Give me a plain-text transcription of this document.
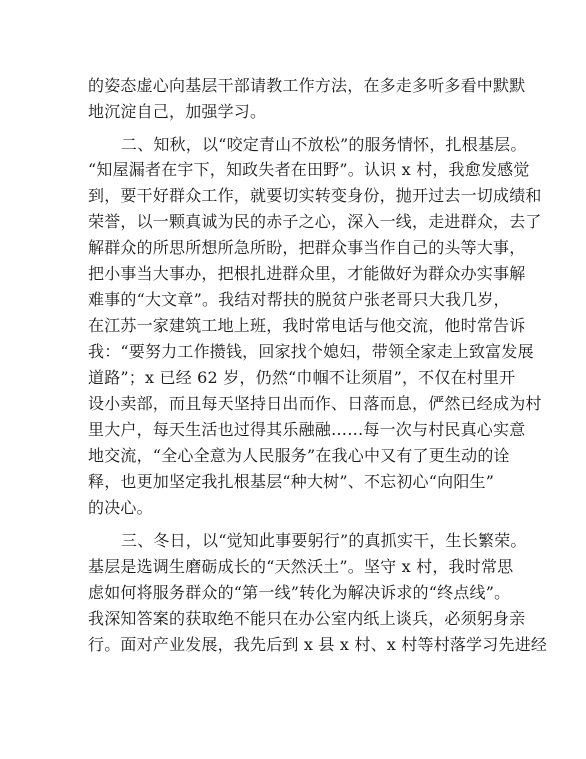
的姿态虚心向基层干部请教工作方法，在多走多听多看中默默
地沉淀自己，加强学习。
二、知秋，以“咬定青山不放松”的服务情怀，扎根基层。
“知屋漏者在宇下，知政失者在田野”。认识 x 村，我愈发感觉
到，要干好群众工作，就要切实转变身份，抛开过去一切成绩和
荣誉，以一颗真诚为民的赤子之心，深入一线，走进群众，去了
解群众的所思所想所急所盼，把群众事当作自己的头等大事，
把小事当大事办，把根扎进群众里，才能做好为群众办实事解
难事的“大文章”。我结对帮扶的脱贫户张老哥只大我几岁，
在江苏一家建筑工地上班，我时常电话与他交流，他时常告诉
我：“要努力工作攒钱，回家找个媳妇，带领全家走上致富发展
道路”；x 已经 62 岁，仍然“巾帼不让须眉”，不仅在村里开
设小卖部，而且每天坚持日出而作、日落而息，俨然已经成为村
里大户，每天生活也过得其乐融融……每一次与村民真心实意
地交流，“全心全意为人民服务”在我心中又有了更生动的诠
释，也更加坚定我扎根基层“种大树”、不忘初心“向阳生”
的决心。
三、冬日，以“觉知此事要躬行”的真抓实干，生长繁荣。
基层是选调生磨砺成长的“天然沃土”。坚守 x 村，我时常思
虑如何将服务群众的“第一线”转化为解决诉求的“终点线”。
我深知答案的获取绝不能只在办公室内纸上谈兵，必须躬身亲
行。面对产业发展，我先后到 x 县 x 村、x 村等村落学习先进经
